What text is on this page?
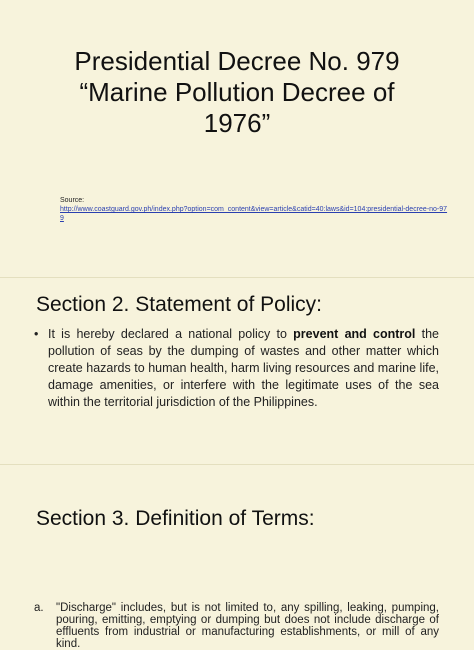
Presidential Decree No. 979
“Marine Pollution Decree of
1976”
Source:
http://www.coastguard.gov.ph/index.php?option=com_content&view=article&catid=40:laws&id=104:presidential-decree-no-979
Section 2. Statement of Policy:
• It is hereby declared a national policy to prevent and control the pollution of seas by the dumping of wastes and other matter which create hazards to human health, harm living resources and marine life, damage amenities, or interfere with the legitimate uses of the sea within the territorial jurisdiction of the Philippines.
Section 3. Definition of Terms:
a.	"Discharge" includes, but is not limited to, any spilling, leaking, pumping, pouring, emitting, emptying or dumping but does not include discharge of effluents from industrial or manufacturing establishments, or mill of any kind.
